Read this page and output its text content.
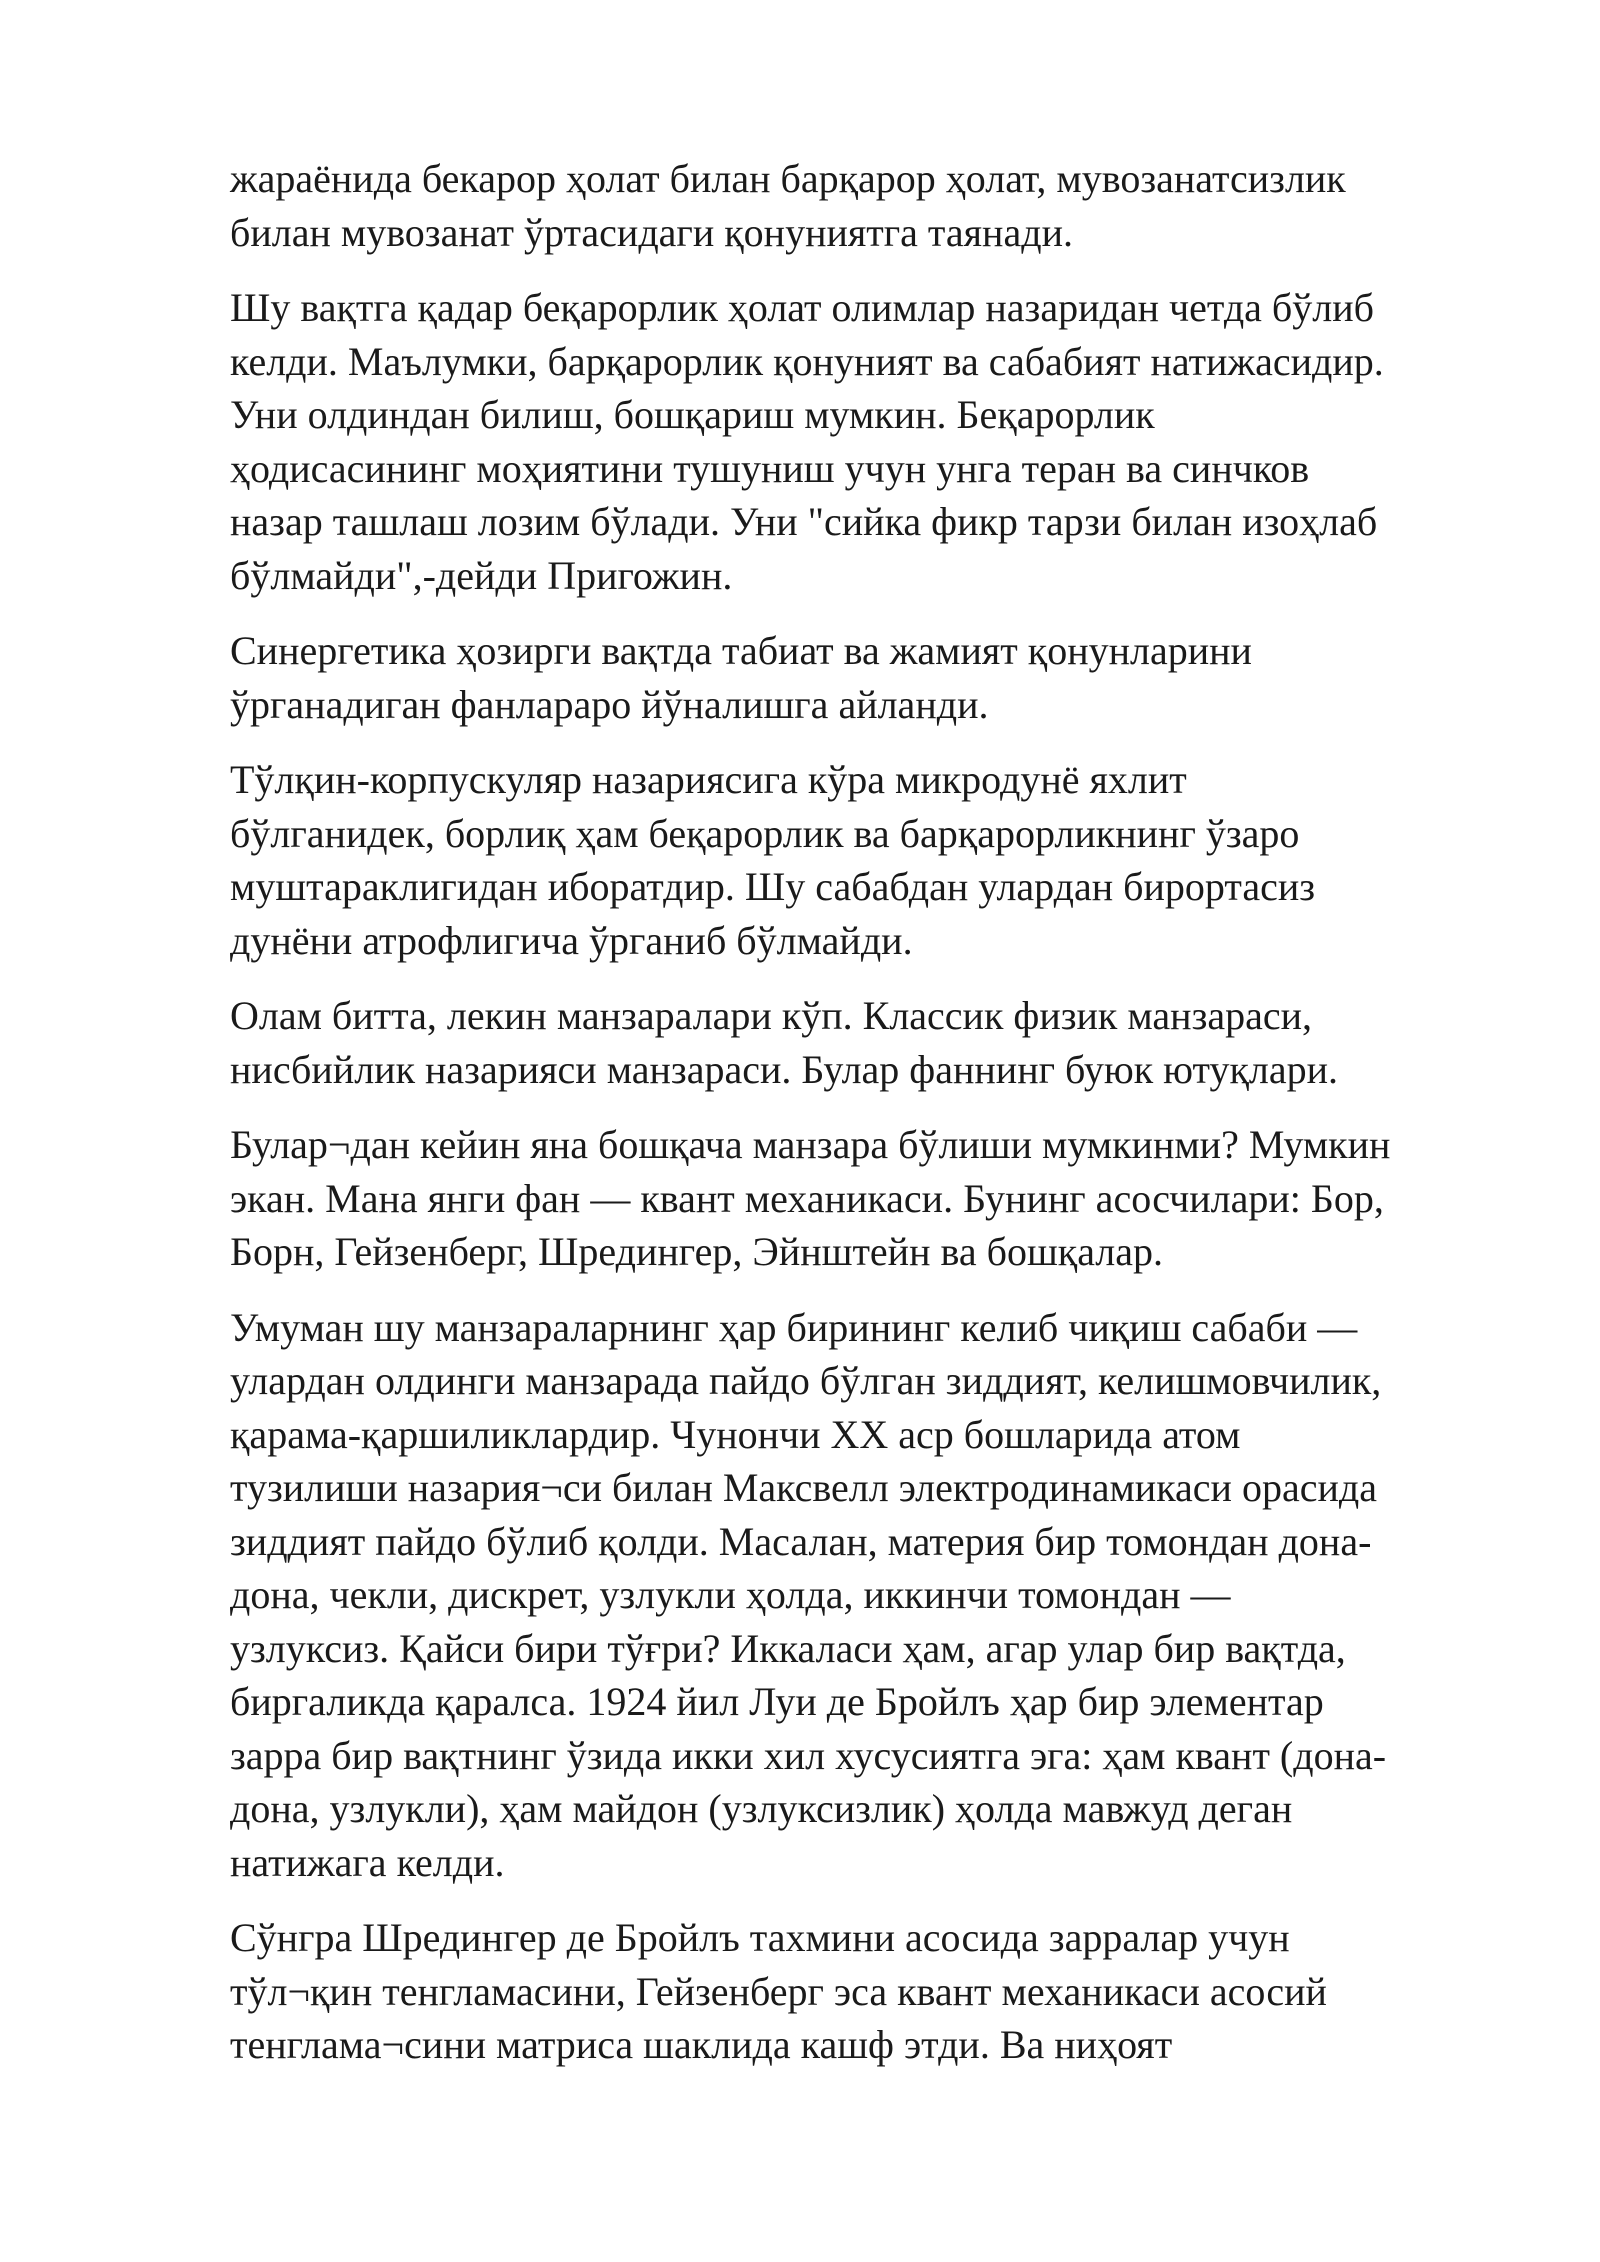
жараёнида бекарор ҳолат билан барқарор ҳолат, мувозанатсизлик
билан мувозанат ўртасидаги қонуниятга таянади.

Шу вақтга қадар беқарорлик ҳолат олимлар назаридан четда бўлиб
келди. Маълумки, барқарорлик қонуният ва сабабият натижасидир.
Уни олдиндан билиш, бошқариш мумкин. Беқарорлик
ҳодисасининг моҳиятини тушуниш учун унга теран ва синчков
назар ташлаш лозим бўлади. Уни "сийка фикр тарзи билан изоҳлаб
бўлмайди",-дейди Пригожин.

Синергетика ҳозирги вақтда табиат ва жамият қонунларини
ўрганадиган фанлараро йўналишга айланди.

Тўлқин-корпускуляр назариясига кўра микродунё яхлит
бўлганидек, борлиқ ҳам беқарорлик ва барқарорликнинг ўзаро
муштараклигидан иборатдир. Шу сабабдан улардан бирортасиз
дунёни атрофлигича ўрганиб бўлмайди.

Олам битта, лекин манзаралари кўп. Классик физик манзараси,
нисбийлик назарияси манзараси. Булар фаннинг буюк ютуқлари.

Булар¬дан кейин яна бошқача манзара бўлиши мумкинми? Мумкин
экан. Мана янги фан — квант механикаси. Бунинг асосчилари: Бор,
Борн, Гейзенберг, Шредингер, Эйнштейн ва бошқалар.

Умуман шу манзараларнинг ҳар бирининг келиб чиқиш сабаби —
улардан олдинги манзарада пайдо бўлган зиддият, келишмовчилик,
қарама-қаршиликлардир. Чунончи XX аср бошларида атом
тузилиши назария¬си билан Максвелл электродинамикаси орасида
зиддият пайдо бўлиб қолди. Масалан, материя бир томондан дона-
дона, чекли, дискрет, узлукли ҳолда, иккинчи томондан —
узлуксиз. Қайси бири тўғри? Иккаласи ҳам, агар улар бир вақтда,
биргаликда қаралса. 1924 йил Луи де Бройлъ ҳар бир элементар
зарра бир вақтнинг ўзида икки хил хусусиятга эга: ҳам квант (дона-
дона, узлукли), ҳам майдон (узлуксизлик) ҳолда мавжуд деган
натижага келди.

Сўнгра Шредингер де Бройлъ тахмини асосида зарралар учун
тўл¬қин тенгламасини, Гейзенберг эса квант механикаси асосий
тенглама¬сини матриса шаклида кашф этди. Ва ниҳоят
